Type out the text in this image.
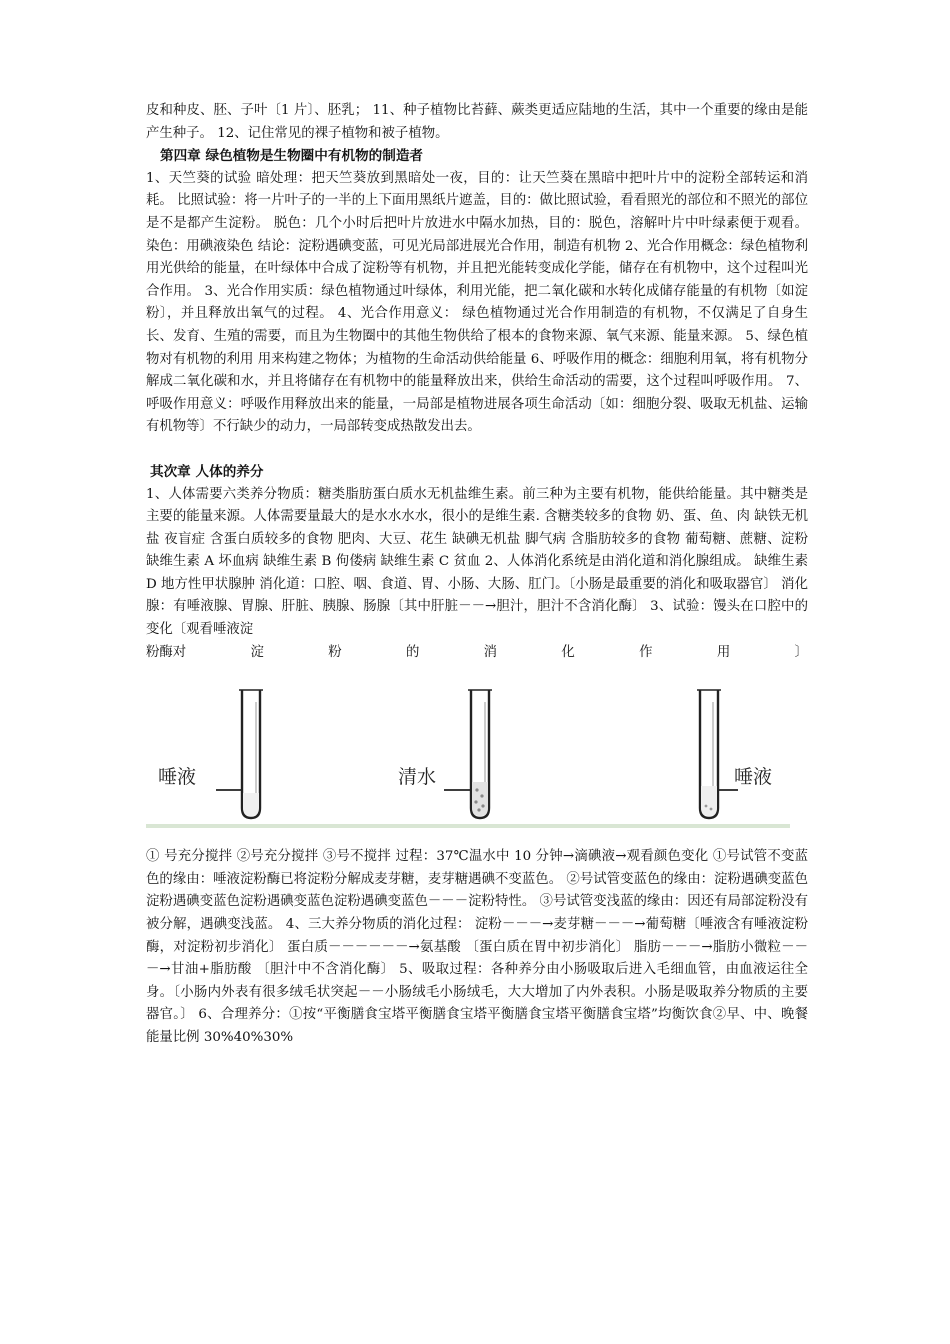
皮和种皮、胚、子叶〔1 片〕、胚乳； 11、种子植物比苔藓、蕨类更适应陆地的生活，其中一个重要的缘由是能产生种子。 12、记住常见的裸子植物和被子植物。

第四章 绿色植物是生物圈中有机物的制造者

1、天竺葵的试验 暗处理：把天竺葵放到黑暗处一夜，目的：让天竺葵在黑暗中把叶片中的淀粉全部转运和消耗。 比照试验：将一片叶子的一半的上下面用黑纸片遮盖，目的：做比照试验，看看照光的部位和不照光的部位是不是都产生淀粉。 脱色：几个小时后把叶片放进水中隔水加热，目的：脱色，溶解叶片中叶绿素便于观看。 染色：用碘液染色 结论：淀粉遇碘变蓝，可见光局部进展光合作用，制造有机物 2、光合作用概念：绿色植物利用光供给的能量，在叶绿体中合成了淀粉等有机物，并且把光能转变成化学能，储存在有机物中，这个过程叫光合作用。 3、光合作用实质：绿色植物通过叶绿体，利用光能，把二氧化碳和水转化成储存能量的有机物〔如淀粉〕，并且释放出氧气的过程。 4、光合作用意义： 绿色植物通过光合作用制造的有机物，不仅满足了自身生长、发育、生殖的需要，而且为生物圈中的其他生物供给了根本的食物来源、氧气来源、能量来源。 5、绿色植物对有机物的利用 用来构建之物体；为植物的生命活动供给能量 6、呼吸作用的概念：细胞利用氧，将有机物分解成二氧化碳和水，并且将储存在有机物中的能量释放出来，供给生命活动的需要，这个过程叫呼吸作用。 7、呼吸作用意义：呼吸作用释放出来的能量，一局部是植物进展各项生命活动〔如：细胞分裂、吸取无机盐、运输有机物等〕不行缺少的动力，一局部转变成热散发出去。

其次章 人体的养分

1、人体需要六类养分物质：糖类脂肪蛋白质水无机盐维生素。前三种为主要有机物，能供给能量。其中糖类是主要的能量来源。人体需要量最大的是水水水水，很小的是维生素. 含糖类较多的食物 奶、蛋、鱼、肉 缺铁无机盐 夜盲症 含蛋白质较多的食物 肥肉、大豆、花生 缺碘无机盐 脚气病 含脂肪较多的食物 葡萄糖、蔗糖、淀粉 缺维生素 A 坏血病 缺维生素 B 佝偻病 缺维生素 C 贫血 2、人体消化系统是由消化道和消化腺组成。 缺维生素 D 地方性甲状腺肿 消化道：口腔、咽、食道、胃、小肠、大肠、肛门。〔小肠是最重要的消化和吸取器官〕 消化腺：有唾液腺、胃腺、肝脏、胰腺、肠腺〔其中肝脏－－→胆汁，胆汁不含消化酶〕 3、试验：馒头在口腔中的变化〔观看唾液淀

粉酶对	淀	粉	的	消	化	作	用	〕
唾液	清水	唾液

① 号充分搅拌 ②号充分搅拌 ③号不搅拌 过程：37℃温水中 10 分钟→滴碘液→观看颜色变化 ①号试管不变蓝色的缘由：唾液淀粉酶已将淀粉分解成麦芽糖，麦芽糖遇碘不变蓝色。 ②号试管变蓝色的缘由：淀粉遇碘变蓝色淀粉遇碘变蓝色淀粉遇碘变蓝色淀粉遇碘变蓝色－－－淀粉特性。 ③号试管变浅蓝的缘由：因还有局部淀粉没有被分解，遇碘变浅蓝。 4、三大养分物质的消化过程： 淀粉－－－→麦芽糖－－－→葡萄糖〔唾液含有唾液淀粉酶，对淀粉初步消化〕 蛋白质－－－－－－→氨基酸 〔蛋白质在胃中初步消化〕 脂肪－－－→脂肪小微粒－－－→甘油+脂肪酸 〔胆汁中不含消化酶〕 5、吸取过程：各种养分由小肠吸取后进入毛细血管，由血液运往全身。〔小肠内外表有很多绒毛状突起－－小肠绒毛小肠绒毛，大大增加了内外表积。小肠是吸取养分物质的主要器官。〕 6、合理养分：①按“平衡膳食宝塔平衡膳食宝塔平衡膳食宝塔平衡膳食宝塔”均衡饮食②早、中、晚餐能量比例 30%40%30%
